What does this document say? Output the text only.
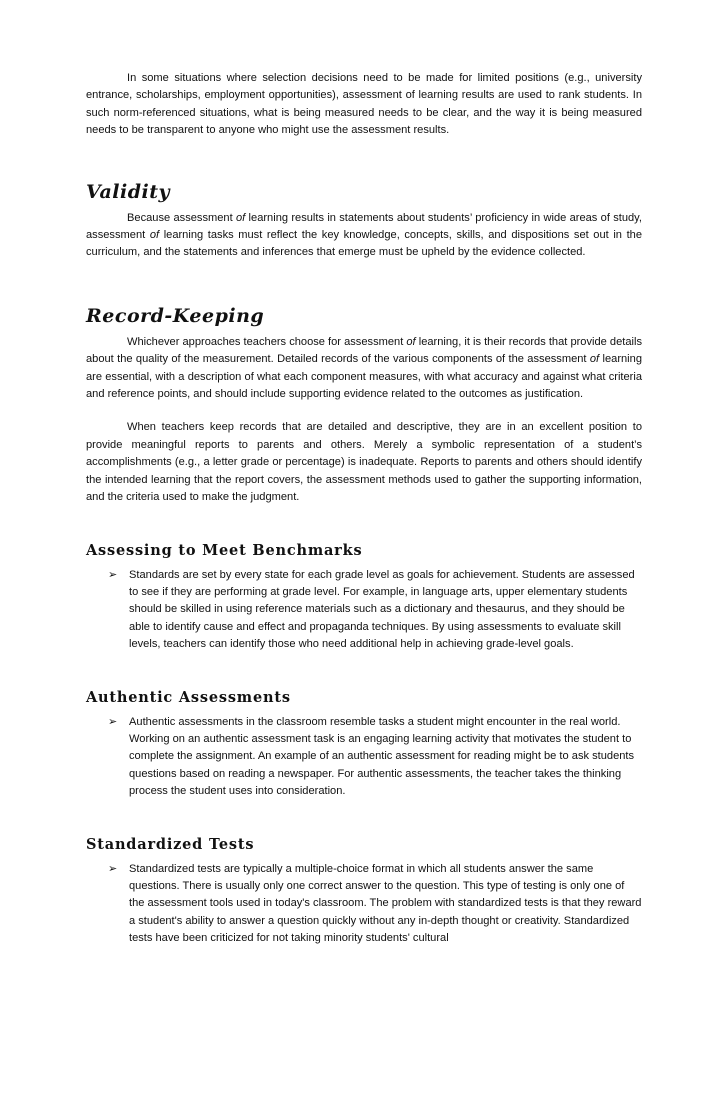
In some situations where selection decisions need to be made for limited positions (e.g., university entrance, scholarships, employment opportunities), assessment of learning results are used to rank students. In such norm-referenced situations, what is being measured needs to be clear, and the way it is being measured needs to be transparent to anyone who might use the assessment results.

Validity

Because assessment of learning results in statements about students’ proficiency in wide areas of study, assessment of learning tasks must reflect the key knowledge, concepts, skills, and dispositions set out in the curriculum, and the statements and inferences that emerge must be upheld by the evidence collected.

Record-Keeping

Whichever approaches teachers choose for assessment of learning, it is their records that provide details about the quality of the measurement. Detailed records of the various components of the assessment of learning are essential, with a description of what each component measures, with what accuracy and against what criteria and reference points, and should include supporting evidence related to the outcomes as justification.

When teachers keep records that are detailed and descriptive, they are in an excellent position to provide meaningful reports to parents and others. Merely a symbolic representation of a student’s accomplishments (e.g., a letter grade or percentage) is inadequate. Reports to parents and others should identify the intended learning that the report covers, the assessment methods used to gather the supporting information, and the criteria used to make the judgment.

Assessing to Meet Benchmarks
➢ Standards are set by every state for each grade level as goals for achievement. Students are assessed to see if they are performing at grade level. For example, in language arts, upper elementary students should be skilled in using reference materials such as a dictionary and thesaurus, and they should be able to identify cause and effect and propaganda techniques. By using assessments to evaluate skill levels, teachers can identify those who need additional help in achieving grade-level goals.

Authentic Assessments
➢ Authentic assessments in the classroom resemble tasks a student might encounter in the real world. Working on an authentic assessment task is an engaging learning activity that motivates the student to complete the assignment. An example of an authentic assessment for reading might be to ask students questions based on reading a newspaper. For authentic assessments, the teacher takes the thinking process the student uses into consideration.

Standardized Tests
➢ Standardized tests are typically a multiple-choice format in which all students answer the same questions. There is usually only one correct answer to the question. This type of testing is only one of the assessment tools used in today's classroom. The problem with standardized tests is that they reward a student's ability to answer a question quickly without any in-depth thought or creativity. Standardized tests have been criticized for not taking minority students' cultural
